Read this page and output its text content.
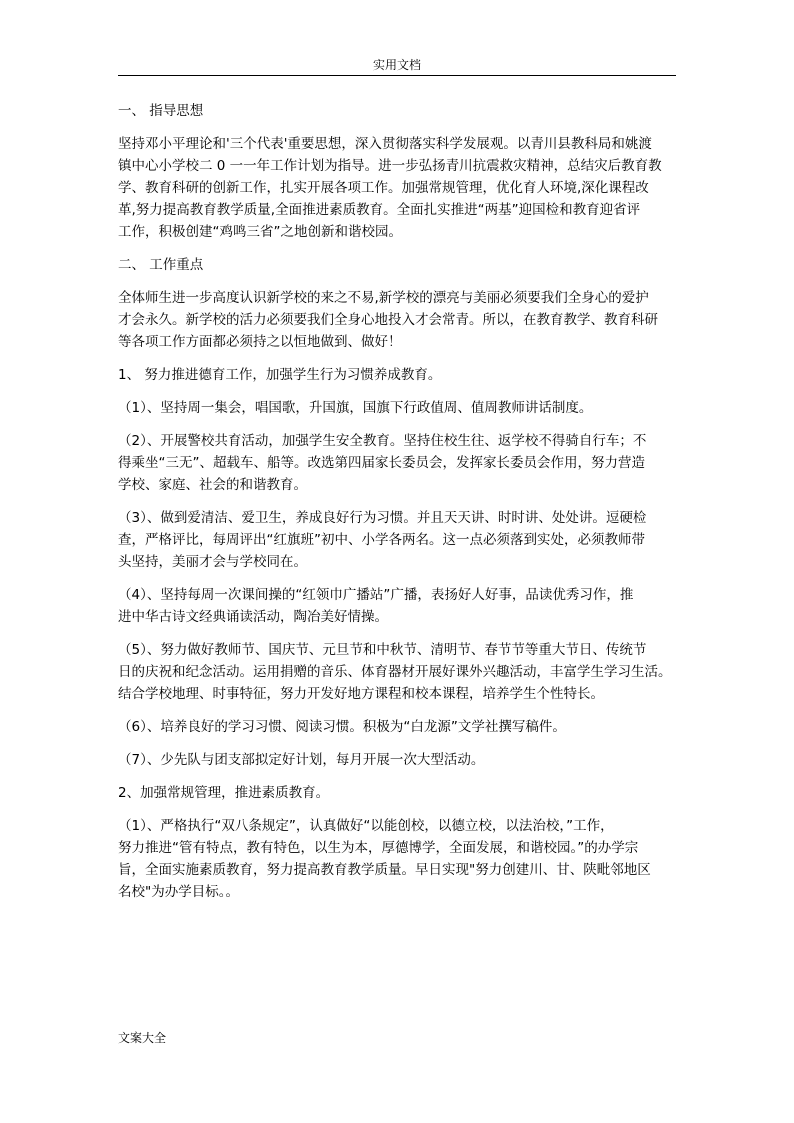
实用文档
一、 指导思想
坚持邓小平理论和'三个代表'重要思想，深入贯彻落实科学发展观。以青川县教科局和姚渡
镇中心小学校二 0 一一年工作计划为指导。进一步弘扬青川抗震救灾精神，总结灾后教育教
学、教育科研的创新工作，扎实开展各项工作。加强常规管理，优化育人环境,深化课程改
革,努力提高教育教学质量,全面推进素质教育。全面扎实推进“两基”迎国检和教育迎省评
工作，积极创建“鸡鸣三省”之地创新和谐校园。
二、 工作重点
全体师生进一步高度认识新学校的来之不易,新学校的漂亮与美丽必须要我们全身心的爱护
才会永久。新学校的活力必须要我们全身心地投入才会常青。所以，在教育教学、教育科研
等各项工作方面都必须持之以恒地做到、做好！
1、 努力推进德育工作，加强学生行为习惯养成教育。
（1）、坚持周一集会，唱国歌，升国旗，国旗下行政值周、值周教师讲话制度。
（2）、开展警校共育活动，加强学生安全教育。坚持住校生往、返学校不得骑自行车；不
得乘坐“三无”、超载车、船等。改选第四届家长委员会，发挥家长委员会作用，努力营造
学校、家庭、社会的和谐教育。
（3）、做到爱清洁、爱卫生，养成良好行为习惯。并且天天讲、时时讲、处处讲。逗硬检
查，严格评比，每周评出“红旗班”初中、小学各两名。这一点必须落到实处，必须教师带
头坚持，美丽才会与学校同在。
（4）、坚持每周一次课间操的“红领巾广播站”广播，表扬好人好事，品读优秀习作，推
进中华古诗文经典诵读活动，陶冶美好情操。
（5）、努力做好教师节、国庆节、元旦节和中秋节、清明节、春节节等重大节日、传统节
日的庆祝和纪念活动。运用捐赠的音乐、体育器材开展好课外兴趣活动，丰富学生学习生活。
结合学校地理、时事特征，努力开发好地方课程和校本课程，培养学生个性特长。
（6）、培养良好的学习习惯、阅读习惯。积极为“白龙源”文学社撰写稿件。
（7）、少先队与团支部拟定好计划，每月开展一次大型活动。
2、加强常规管理，推进素质教育。
（1）、严格执行“双八条规定”，认真做好“以能创校，以德立校，以法治校，”工作，
努力推进“管有特点，教有特色，以生为本，厚德博学，全面发展，和谐校园。”的办学宗
旨，全面实施素质教育，努力提高教育教学质量。早日实现"努力创建川、甘、陕毗邻地区
名校"为办学目标。。
文案大全
